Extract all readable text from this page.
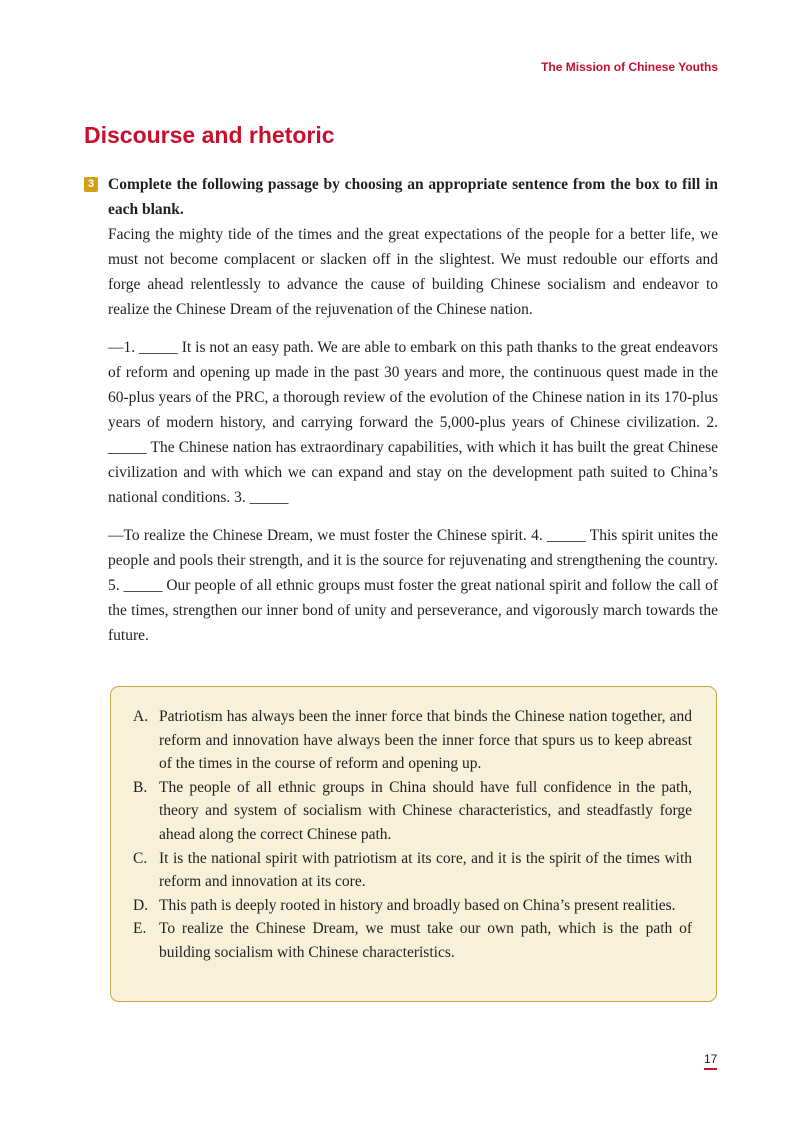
The Mission of Chinese Youths
Discourse and rhetoric

3 Complete the following passage by choosing an appropriate sentence from the box to fill in each blank.

Facing the mighty tide of the times and the great expectations of the people for a better life, we must not become complacent or slacken off in the slightest. We must redouble our efforts and forge ahead relentlessly to advance the cause of building Chinese socialism and endeavor to realize the Chinese Dream of the rejuvenation of the Chinese nation.

—1. _____ It is not an easy path. We are able to embark on this path thanks to the great endeavors of reform and opening up made in the past 30 years and more, the continuous quest made in the 60-plus years of the PRC, a thorough review of the evolution of the Chinese nation in its 170-plus years of modern history, and carrying forward the 5,000-plus years of Chinese civilization. 2. _____ The Chinese nation has extraordinary capabilities, with which it has built the great Chinese civilization and with which we can expand and stay on the development path suited to China’s national conditions. 3. _____

—To realize the Chinese Dream, we must foster the Chinese spirit. 4. _____ This spirit unites the people and pools their strength, and it is the source for rejuvenating and strengthening the country. 5. _____ Our people of all ethnic groups must foster the great national spirit and follow the call of the times, strengthen our inner bond of unity and perseverance, and vigorously march towards the future.

A. Patriotism has always been the inner force that binds the Chinese nation together, and reform and innovation have always been the inner force that spurs us to keep abreast of the times in the course of reform and opening up.
B. The people of all ethnic groups in China should have full confidence in the path, theory and system of socialism with Chinese characteristics, and steadfastly forge ahead along the correct Chinese path.
C. It is the national spirit with patriotism at its core, and it is the spirit of the times with reform and innovation at its core.
D. This path is deeply rooted in history and broadly based on China’s present realities.
E. To realize the Chinese Dream, we must take our own path, which is the path of building socialism with Chinese characteristics.
17
